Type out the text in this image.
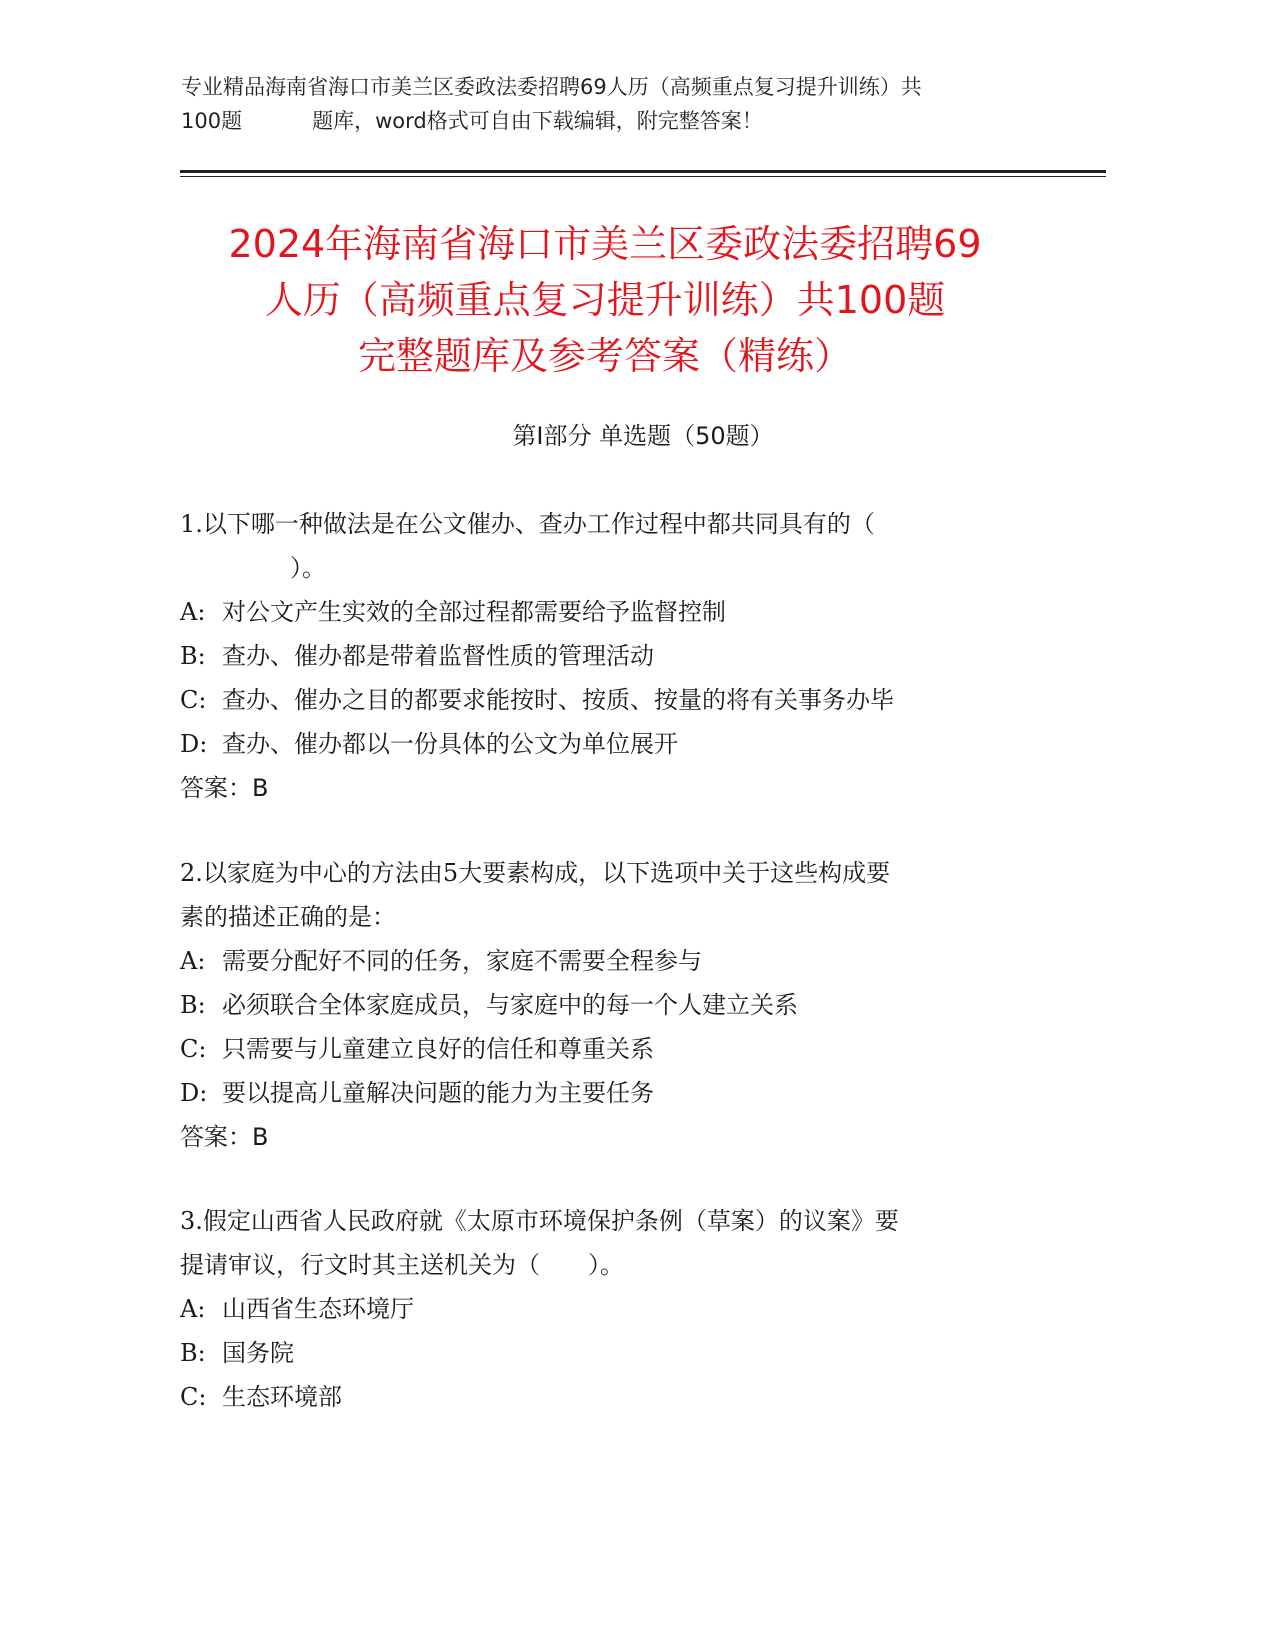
专业精品海南省海口市美兰区委政法委招聘69人历（高频重点复习提升训练）共
100题	题库，word格式可自由下载编辑，附完整答案！
2024年海南省海口市美兰区委政法委招聘69
人历（高频重点复习提升训练）共100题
完整题库及参考答案（精练）
第Ⅰ部分 单选题（50题）

1.以下哪一种做法是在公文催办、查办工作过程中都共同具有的（
）。

A: 对公文产生实效的全部过程都需要给予监督控制

B: 查办、催办都是带着监督性质的管理活动

C: 查办、催办之目的都要求能按时、按质、按量的将有关事务办毕

D: 查办、催办都以一份具体的公文为单位展开

答案：B

2.以家庭为中心的方法由5大要素构成，以下选项中关于这些构成要
素的描述正确的是：

A: 需要分配好不同的任务，家庭不需要全程参与

B: 必须联合全体家庭成员，与家庭中的每一个人建立关系

C: 只需要与儿童建立良好的信任和尊重关系

D: 要以提高儿童解决问题的能力为主要任务

答案：B

3.假定山西省人民政府就《太原市环境保护条例（草案）的议案》要
提请审议，行文时其主送机关为（　　）。

A: 山西省生态环境厅

B: 国务院

C: 生态环境部
